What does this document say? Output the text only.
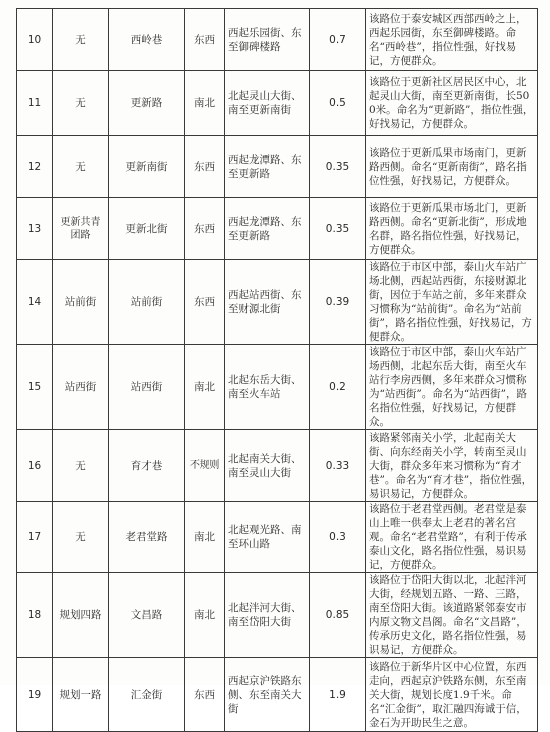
10	无	西岭巷	东西	西起乐园街、东至御碑楼路	0.7	该路位于泰安城区西部西岭之上，西起乐园街，东至御碑楼路。命名“西岭巷”，指位性强，好找易记，方便群众。
11	无	更新路	南北	北起灵山大街、南至更新南街	0.5	该路位于更新社区居民区中心，北起灵山大街，南至更新南街，长500米。命名为“更新路”，指位性强，好找易记，方便群众。
12	无	更新南街	东西	西起龙潭路、东至更新路	0.35	该路位于更新瓜果市场南门，更新路西侧。命名“更新南街”，路名指位性强，好找易记，方便群众。
13	更新共青团路	更新北街	东西	西起龙潭路、东至更新路	0.35	该路位于更新瓜果市场北门，更新路西侧。命名“更新北街”，形成地名群，路名指位性强，好找易记，方便群众。
14	站前街	站前街	东西	西起站西街、东至财源北街	0.39	该路位于市区中部，泰山火车站广场北侧，西起站西街，东接财源北街，因位于车站之前，多年来群众习惯称为“站前街”。命名为“站前街”，路名指位性强，好找易记，方便群众。
15	站西街	站西街	南北	北起东岳大街、南至火车站	0.2	该路位于市区中部，泰山火车站广场西侧，北起东岳大街，南至火车站行李房西侧，多年来群众习惯称为“站西街”。命名为“站西街”，路名指位性强，好找易记，方便群众。
16	无	育才巷	不规则	北起南关大街、南至灵山大街	0.33	该路紧邻南关小学，北起南关大街、向东经南关小学，转南至灵山大街，群众多年来习惯称为“育才巷”。命名为“育才巷”，指位性强，易识易记，方便群众。
17	无	老君堂路	南北	北起观光路、南至环山路	0.3	该路位于老君堂西侧。老君堂是泰山上唯一供奉太上老君的著名宫观。命名“老君堂路”，有利于传承泰山文化，路名指位性强，易识易记，方便群众。
18	规划四路	文昌路	南北	北起泮河大街、南至岱阳大街	0.85	该路位于岱阳大街以北，北起泮河大街，经规划五路、一路、三路，南至岱阳大街。该道路紧邻泰安市内原文物文昌阁。命名“文昌路”，传承历史文化，路名指位性强，易识易记，方便群众。
19	规划一路	汇金街	东西	西起京沪铁路东侧、东至南关大街	1.9	该路位于新华片区中心位置，东西走向，西起京沪铁路东侧，东至南关大街，规划长度1.9千米。命名“汇金街”，取汇融四海诚于信，金石为开助民生之意。
